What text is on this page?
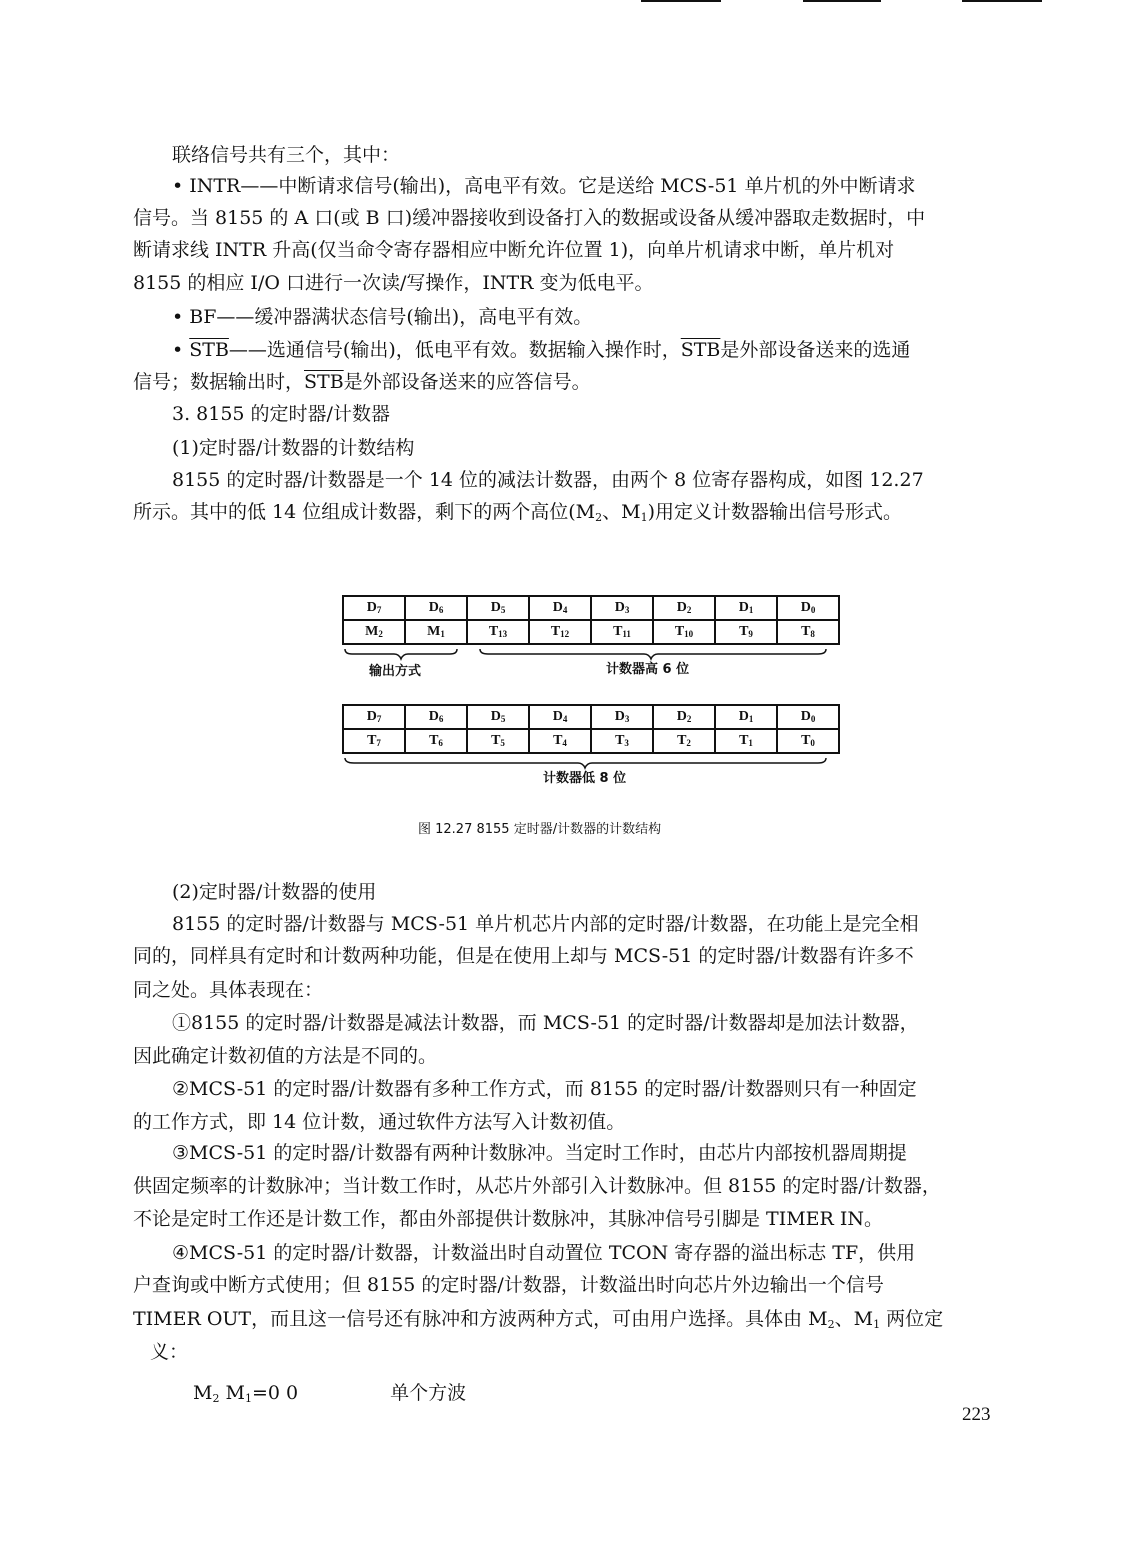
联络信号共有三个，其中：
• INTR——中断请求信号(输出)，高电平有效。它是送给 MCS-51 单片机的外中断请求
信号。当 8155 的 A 口(或 B 口)缓冲器接收到设备打入的数据或设备从缓冲器取走数据时，中
断请求线 INTR 升高(仅当命令寄存器相应中断允许位置 1)，向单片机请求中断，单片机对
8155 的相应 I/O 口进行一次读/写操作，INTR 变为低电平。
• BF——缓冲器满状态信号(输出)，高电平有效。
• $\overline{STB}——$选通信号(输出)，低电平有效。数据输入操作时，$\overline{STB}$是外部设备送来的选通
信号；数据输出时，$\overline{STB}$是外部设备送来的应答信号。
3. 8155 的定时器/计数器
(1)定时器/计数器的计数结构
8155 的定时器/计数器是一个 14 位的减法计数器，由两个 8 位寄存器构成，如图 12.27
所示。其中的低 14 位组成计数器，剩下的两个高位($M_2$、$M_1$)用定义计数器输出信号形式。
$D_7$	$D_6$	$D_5$	$D_4$	$D_3$	$D_2$	$D_1$	$D_0$
$M_2$	$M_1$	$T_{13}$	$T_{12}$	$T_{11}$	$T_{10}$	$T_9$	$T_8$
输出方式	计数器高 6 位
$D_7$	$D_6$	$D_5$	$D_4$	$D_3$	$D_2$	$D_1$	$D_0$
$T_7$	$T_6$	$T_5$	$T_4$	$T_3$	$T_2$	$T_1$	$T_0$
计数器低 8 位
图 12.27 8155 定时器/计数器的计数结构
(2)定时器/计数器的使用
8155 的定时器/计数器与 MCS-51 单片机芯片内部的定时器/计数器，在功能上是完全相
同的，同样具有定时和计数两种功能，但是在使用上却与 MCS-51 的定时器/计数器有许多不
同之处。具体表现在：
①8155 的定时器/计数器是减法计数器，而 MCS-51 的定时器/计数器却是加法计数器，
因此确定计数初值的方法是不同的。
②MCS-51 的定时器/计数器有多种工作方式，而 8155 的定时器/计数器则只有一种固定
的工作方式，即 14 位计数，通过软件方法写入计数初值。
③MCS-51 的定时器/计数器有两种计数脉冲。当定时工作时，由芯片内部按机器周期提
供固定频率的计数脉冲；当计数工作时，从芯片外部引入计数脉冲。但 8155 的定时器/计数器，
不论是定时工作还是计数工作，都由外部提供计数脉冲，其脉冲信号引脚是 TIMER IN。
④MCS-51 的定时器/计数器，计数溢出时自动置位 TCON 寄存器的溢出标志 TF，供用
户查询或中断方式使用；但 8155 的定时器/计数器，计数溢出时向芯片外边输出一个信号
TIMER OUT，而且这一信号还有脉冲和方波两种方式，可由用户选择。具体由 $M_2$、$M_1$ 两位定
义：
$M_2$ $M_1=0$ 0	单个方波
223
